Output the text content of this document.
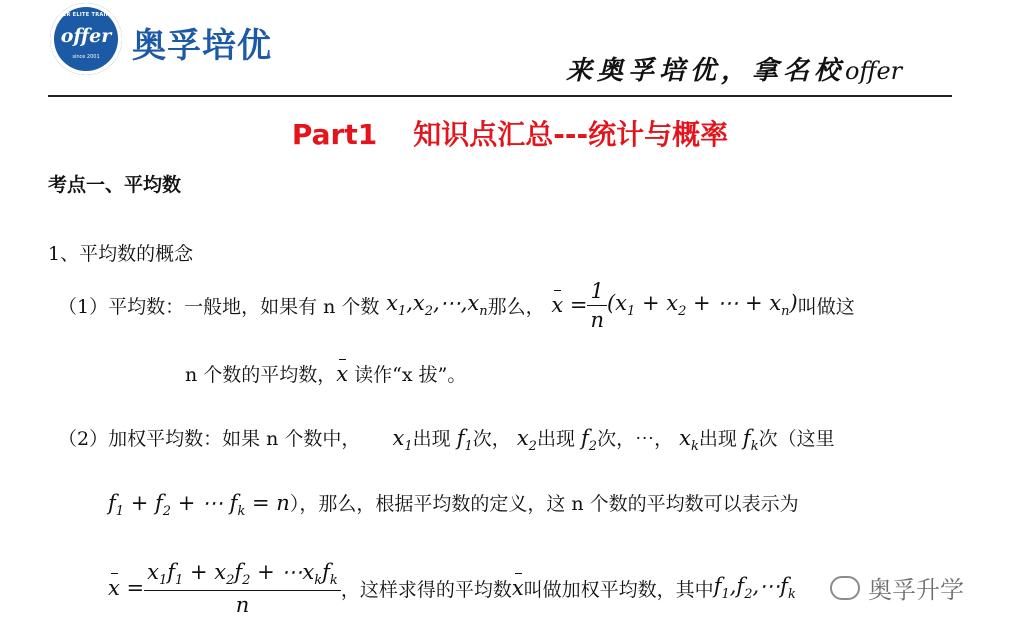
OFFER ELITE TRAINING
offer
since 2001 奥孚培优
来奥孚培优，拿名校offer
Part1 知识点汇总---统计与概率
考点一、平均数
1、平均数的概念
（1）平均数：一般地，如果有 n 个数 $x_1,x_2,\cdots,x_n$ 那么， $x = \frac{1}{n} (x_1 + x_2$ + ⋯ + $x_n$) 叫做这
n 个数的平均数，x 读作“x 拔”。
（2）加权平均数：如果 n 个数中， $x_1$出现 $f_1$次， $x_2$出现 $f_2$次，⋯， $x_k$出现 $f_k$次（这里
$f_1 + f_2$ + ⋯ $f_k = n$），那么，根据平均数的定义，这 n 个数的平均数可以表示为
$x = \frac{x_1f_1 + x_2f_2 + \cdots x_kf_k}{n}$ ，这样求得的平均数 x 叫做加权平均数，其中 $f_1,f_2,\cdots f_k$	奥孚升学
